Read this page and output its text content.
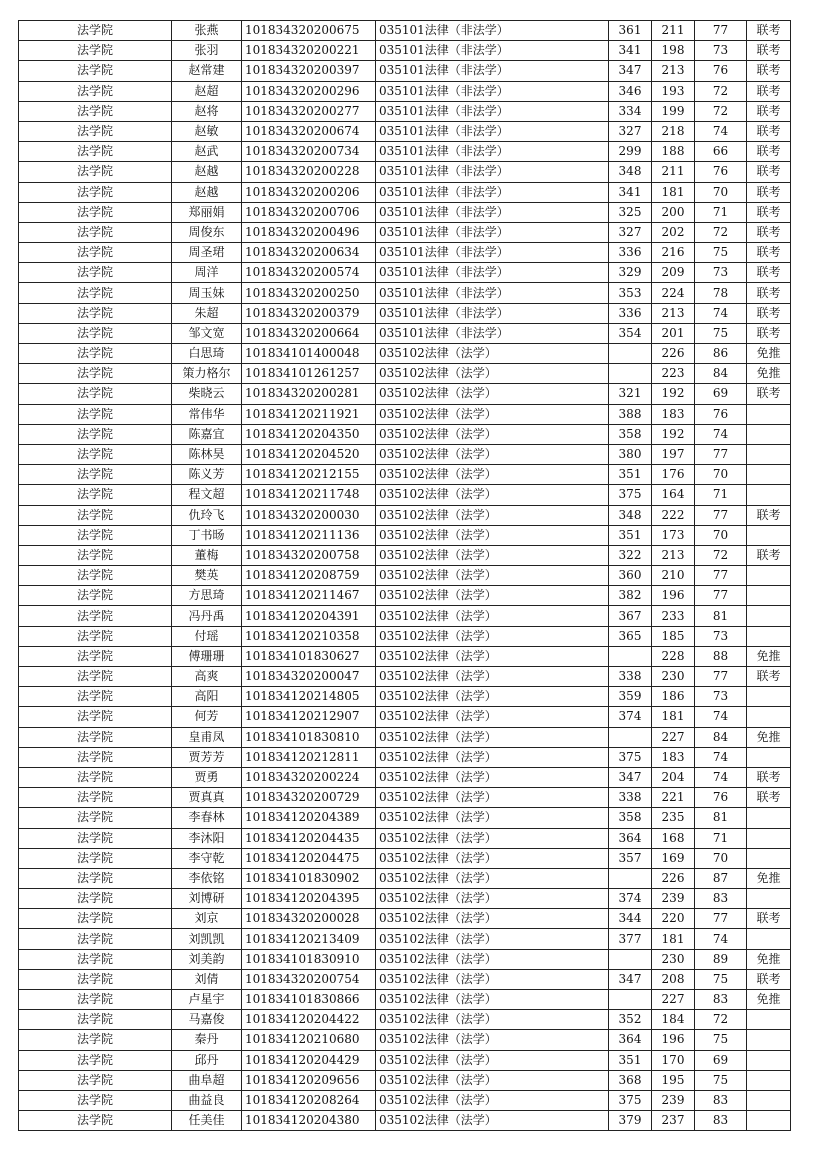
法学院	张燕	101834320200675	035101法律（非法学）	361	211	77	联考
法学院	张羽	101834320200221	035101法律（非法学）	341	198	73	联考
法学院	赵常建	101834320200397	035101法律（非法学）	347	213	76	联考
法学院	赵超	101834320200296	035101法律（非法学）	346	193	72	联考
法学院	赵将	101834320200277	035101法律（非法学）	334	199	72	联考
法学院	赵敏	101834320200674	035101法律（非法学）	327	218	74	联考
法学院	赵武	101834320200734	035101法律（非法学）	299	188	66	联考
法学院	赵越	101834320200228	035101法律（非法学）	348	211	76	联考
法学院	赵越	101834320200206	035101法律（非法学）	341	181	70	联考
法学院	郑丽娟	101834320200706	035101法律（非法学）	325	200	71	联考
法学院	周俊东	101834320200496	035101法律（非法学）	327	202	72	联考
法学院	周圣珺	101834320200634	035101法律（非法学）	336	216	75	联考
法学院	周洋	101834320200574	035101法律（非法学）	329	209	73	联考
法学院	周玉妹	101834320200250	035101法律（非法学）	353	224	78	联考
法学院	朱超	101834320200379	035101法律（非法学）	336	213	74	联考
法学院	邹文宽	101834320200664	035101法律（非法学）	354	201	75	联考
法学院	白思琦	101834101400048	035102法律（法学）		226	86	免推
法学院	策力格尔	101834101261257	035102法律（法学）		223	84	免推
法学院	柴晓云	101834320200281	035102法律（法学）	321	192	69	联考
法学院	常伟华	101834120211921	035102法律（法学）	388	183	76	
法学院	陈嘉宜	101834120204350	035102法律（法学）	358	192	74	
法学院	陈林昊	101834120204520	035102法律（法学）	380	197	77	
法学院	陈义芳	101834120212155	035102法律（法学）	351	176	70	
法学院	程文超	101834120211748	035102法律（法学）	375	164	71	
法学院	仇玲飞	101834320200030	035102法律（法学）	348	222	77	联考
法学院	丁书旸	101834120211136	035102法律（法学）	351	173	70	
法学院	董梅	101834320200758	035102法律（法学）	322	213	72	联考
法学院	樊英	101834120208759	035102法律（法学）	360	210	77	
法学院	方思琦	101834120211467	035102法律（法学）	382	196	77	
法学院	冯丹禹	101834120204391	035102法律（法学）	367	233	81	
法学院	付瑶	101834120210358	035102法律（法学）	365	185	73	
法学院	傅珊珊	101834101830627	035102法律（法学）		228	88	免推
法学院	高爽	101834320200047	035102法律（法学）	338	230	77	联考
法学院	高阳	101834120214805	035102法律（法学）	359	186	73	
法学院	何芳	101834120212907	035102法律（法学）	374	181	74	
法学院	皇甫凤	101834101830810	035102法律（法学）		227	84	免推
法学院	贾芳芳	101834120212811	035102法律（法学）	375	183	74	
法学院	贾勇	101834320200224	035102法律（法学）	347	204	74	联考
法学院	贾真真	101834320200729	035102法律（法学）	338	221	76	联考
法学院	李春林	101834120204389	035102法律（法学）	358	235	81	
法学院	李沐阳	101834120204435	035102法律（法学）	364	168	71	
法学院	李守乾	101834120204475	035102法律（法学）	357	169	70	
法学院	李依铭	101834101830902	035102法律（法学）		226	87	免推
法学院	刘博研	101834120204395	035102法律（法学）	374	239	83	
法学院	刘京	101834320200028	035102法律（法学）	344	220	77	联考
法学院	刘凯凯	101834120213409	035102法律（法学）	377	181	74	
法学院	刘美韵	101834101830910	035102法律（法学）		230	89	免推
法学院	刘倩	101834320200754	035102法律（法学）	347	208	75	联考
法学院	卢星宇	101834101830866	035102法律（法学）		227	83	免推
法学院	马嘉俊	101834120204422	035102法律（法学）	352	184	72	
法学院	秦丹	101834120210680	035102法律（法学）	364	196	75	
法学院	邱丹	101834120204429	035102法律（法学）	351	170	69	
法学院	曲阜超	101834120209656	035102法律（法学）	368	195	75	
法学院	曲益良	101834120208264	035102法律（法学）	375	239	83	
法学院	任美佳	101834120204380	035102法律（法学）	379	237	83	
